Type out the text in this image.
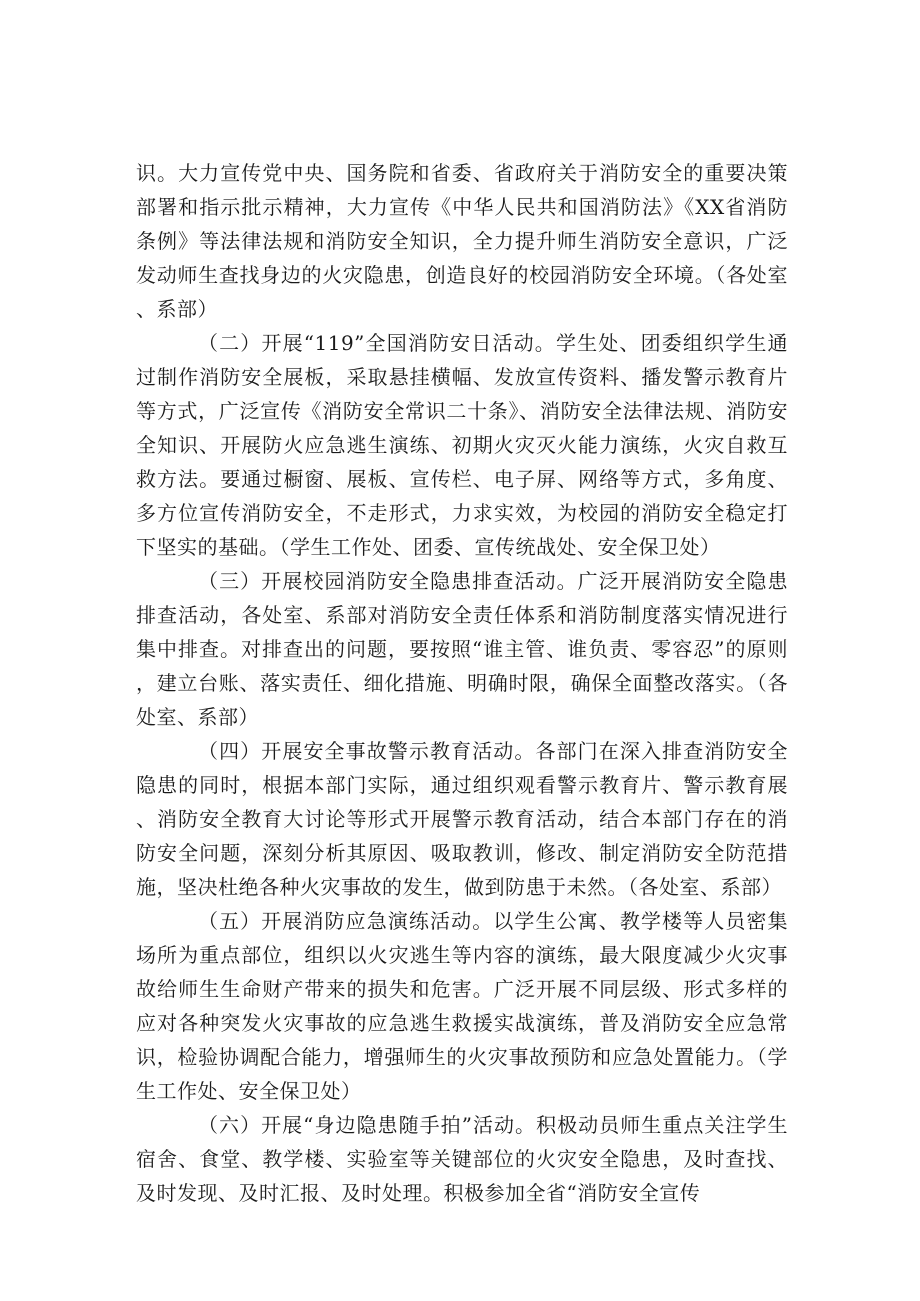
识。大力宣传党中央、国务院和省委、省政府关于消防安全的重要决策部署和指示批示精神，大力宣传《中华人民共和国消防法》《XX省消防条例》等法律法规和消防安全知识，全力提升师生消防安全意识，广泛发动师生查找身边的火灾隐患，创造良好的校园消防安全环境。（各处室、系部）

（二）开展“119”全国消防安日活动。学生处、团委组织学生通过制作消防安全展板，采取悬挂横幅、发放宣传资料、播发警示教育片等方式，广泛宣传《消防安全常识二十条》、消防安全法律法规、消防安全知识、开展防火应急逃生演练、初期火灾灭火能力演练，火灾自救互救方法。要通过橱窗、展板、宣传栏、电子屏、网络等方式，多角度、多方位宣传消防安全，不走形式，力求实效，为校园的消防安全稳定打下坚实的基础。（学生工作处、团委、宣传统战处、安全保卫处）

（三）开展校园消防安全隐患排查活动。广泛开展消防安全隐患排查活动，各处室、系部对消防安全责任体系和消防制度落实情况进行集中排查。对排查出的问题，要按照“谁主管、谁负责、零容忍”的原则，建立台账、落实责任、细化措施、明确时限，确保全面整改落实。（各处室、系部）

（四）开展安全事故警示教育活动。各部门在深入排查消防安全隐患的同时，根据本部门实际，通过组织观看警示教育片、警示教育展、消防安全教育大讨论等形式开展警示教育活动，结合本部门存在的消防安全问题，深刻分析其原因、吸取教训，修改、制定消防安全防范措施，坚决杜绝各种火灾事故的发生，做到防患于未然。（各处室、系部）

（五）开展消防应急演练活动。以学生公寓、教学楼等人员密集场所为重点部位，组织以火灾逃生等内容的演练，最大限度减少火灾事故给师生生命财产带来的损失和危害。广泛开展不同层级、形式多样的应对各种突发火灾事故的应急逃生救援实战演练，普及消防安全应急常识，检验协调配合能力，增强师生的火灾事故预防和应急处置能力。（学生工作处、安全保卫处）

（六）开展“身边隐患随手拍”活动。积极动员师生重点关注学生宿舍、食堂、教学楼、实验室等关键部位的火灾安全隐患，及时查找、及时发现、及时汇报、及时处理。积极参加全省“消防安全宣传
